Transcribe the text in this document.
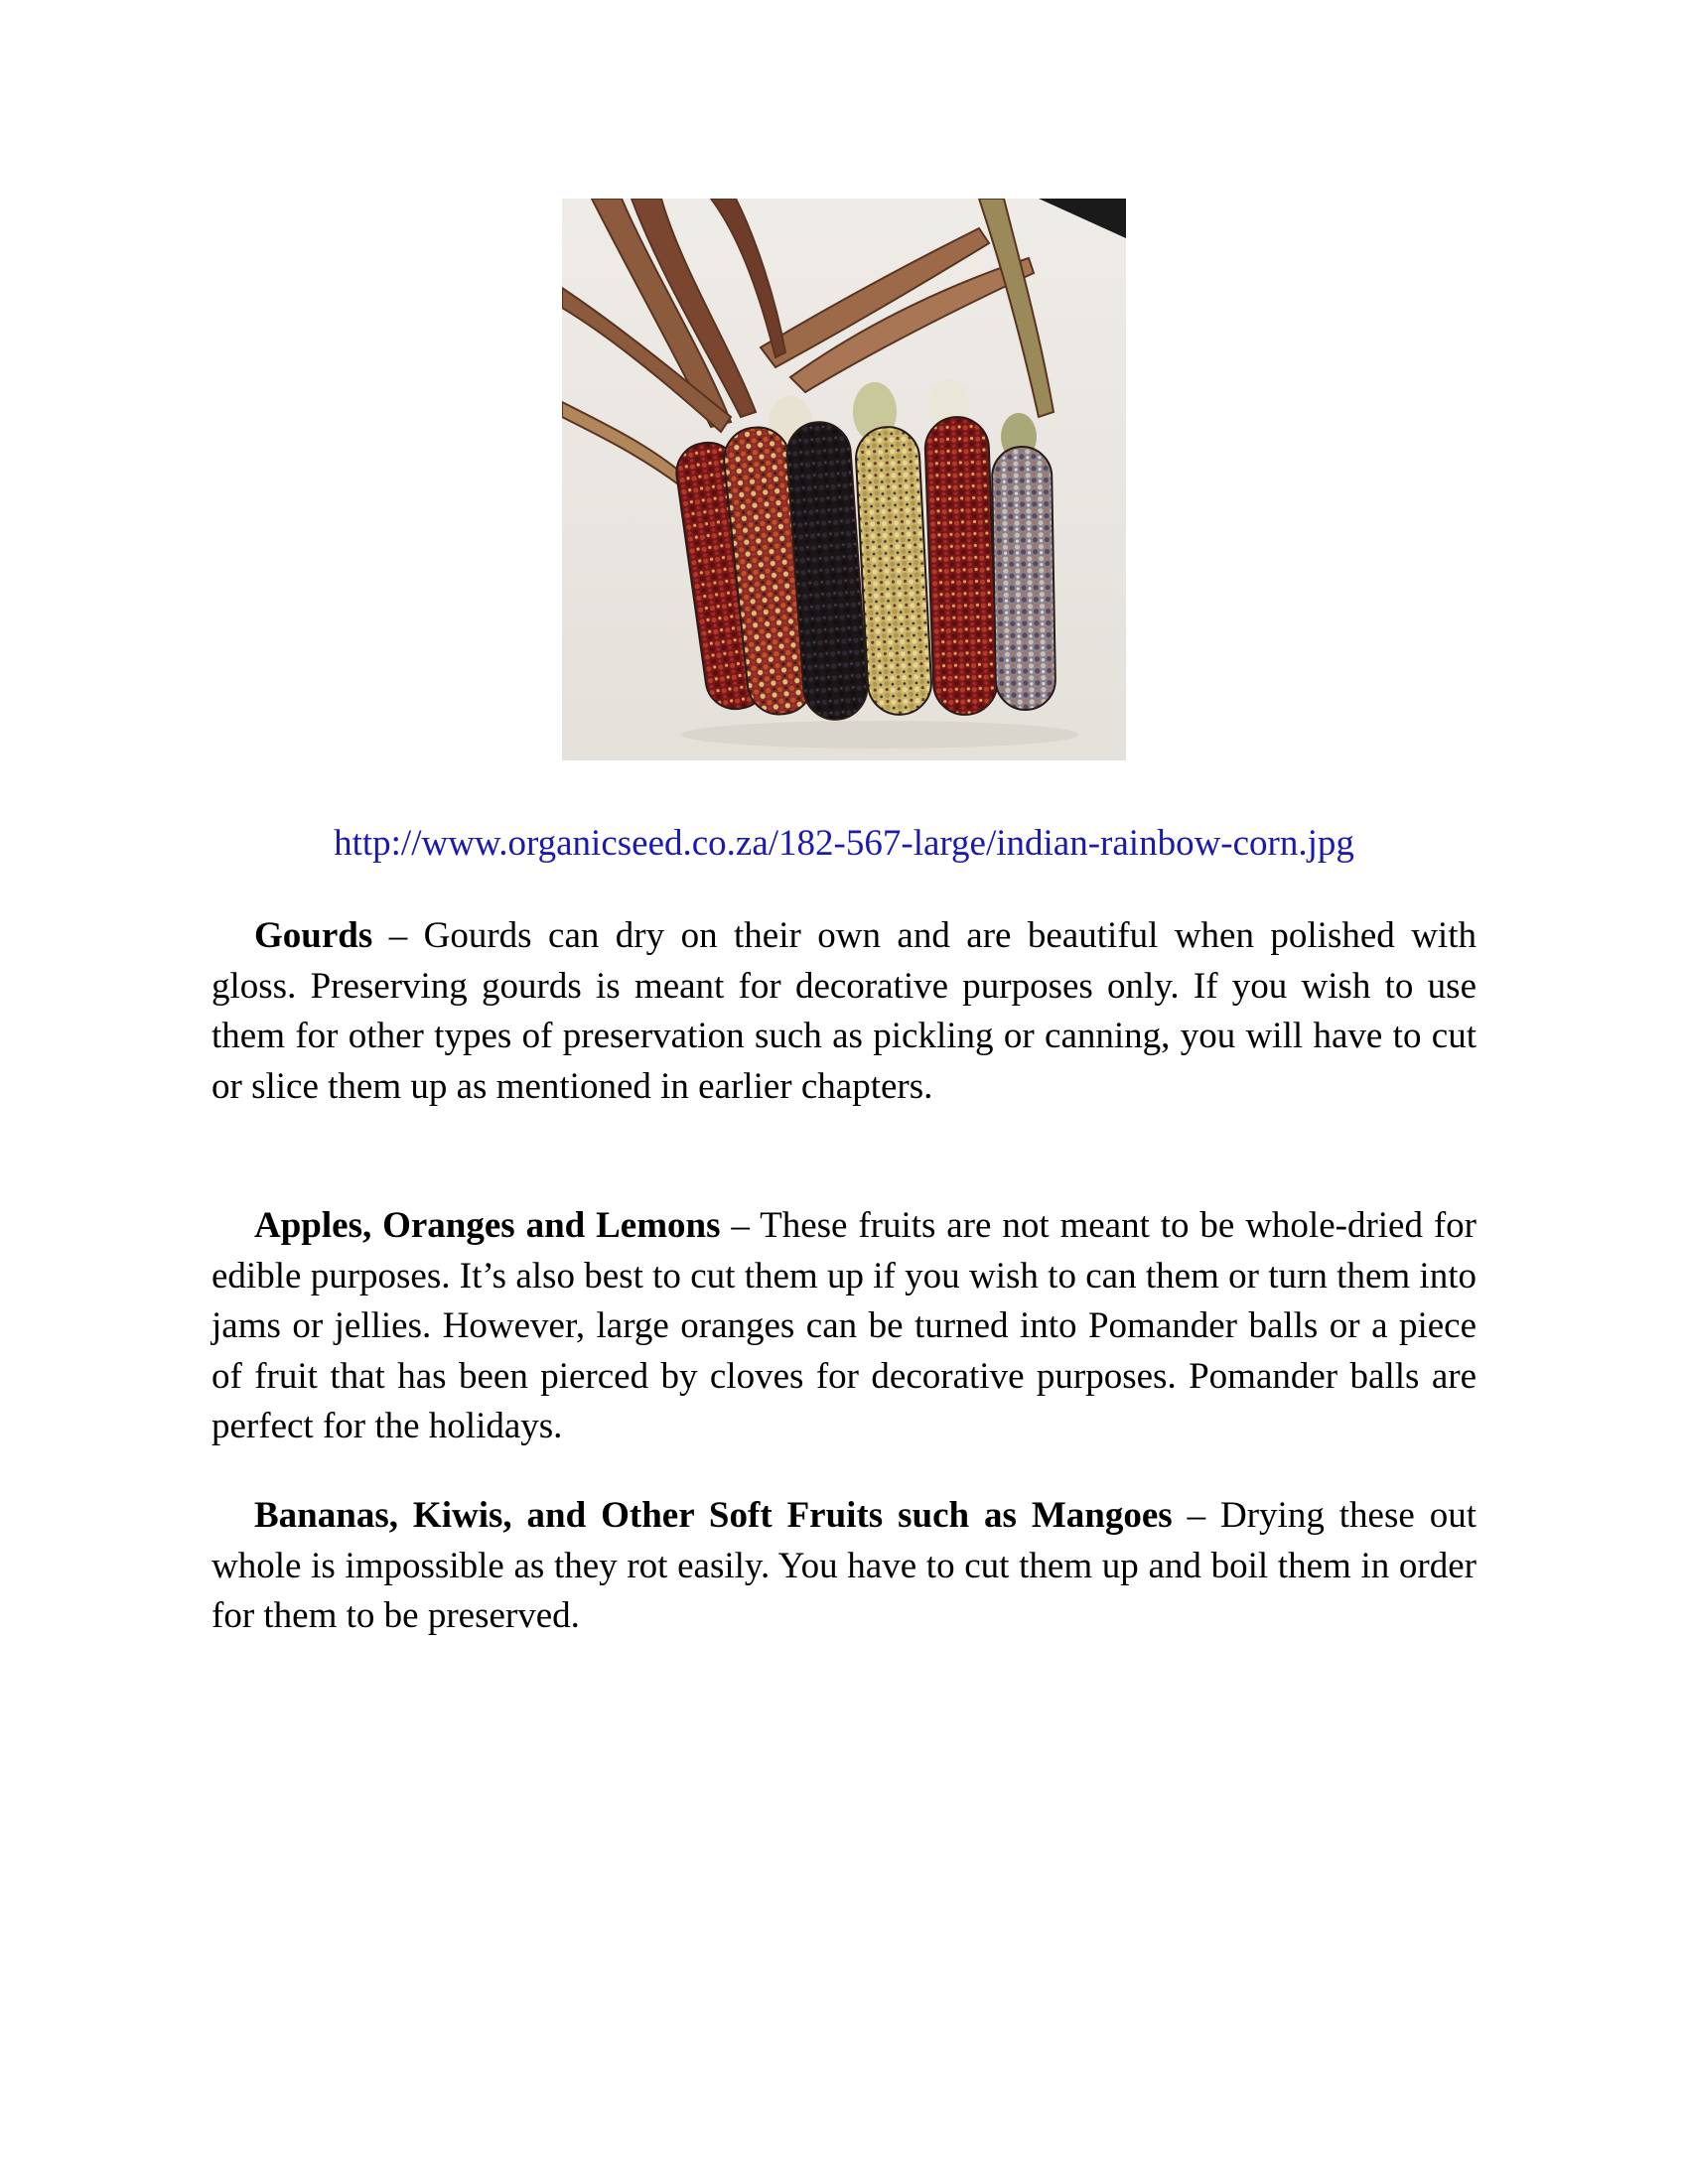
http://www.organicseed.co.za/182-567-large/indian-rainbow-corn.jpg

Gourds – Gourds can dry on their own and are beautiful when polished with gloss. Preserving gourds is meant for decorative purposes only. If you wish to use them for other types of preservation such as pickling or canning, you will have to cut or slice them up as mentioned in earlier chapters.

Apples, Oranges and Lemons – These fruits are not meant to be whole-dried for edible purposes. It’s also best to cut them up if you wish to can them or turn them into jams or jellies. However, large oranges can be turned into Pomander balls or a piece of fruit that has been pierced by cloves for decorative purposes. Pomander balls are perfect for the holidays.

Bananas, Kiwis, and Other Soft Fruits such as Mangoes – Drying these out whole is impossible as they rot easily. You have to cut them up and boil them in order for them to be preserved.
